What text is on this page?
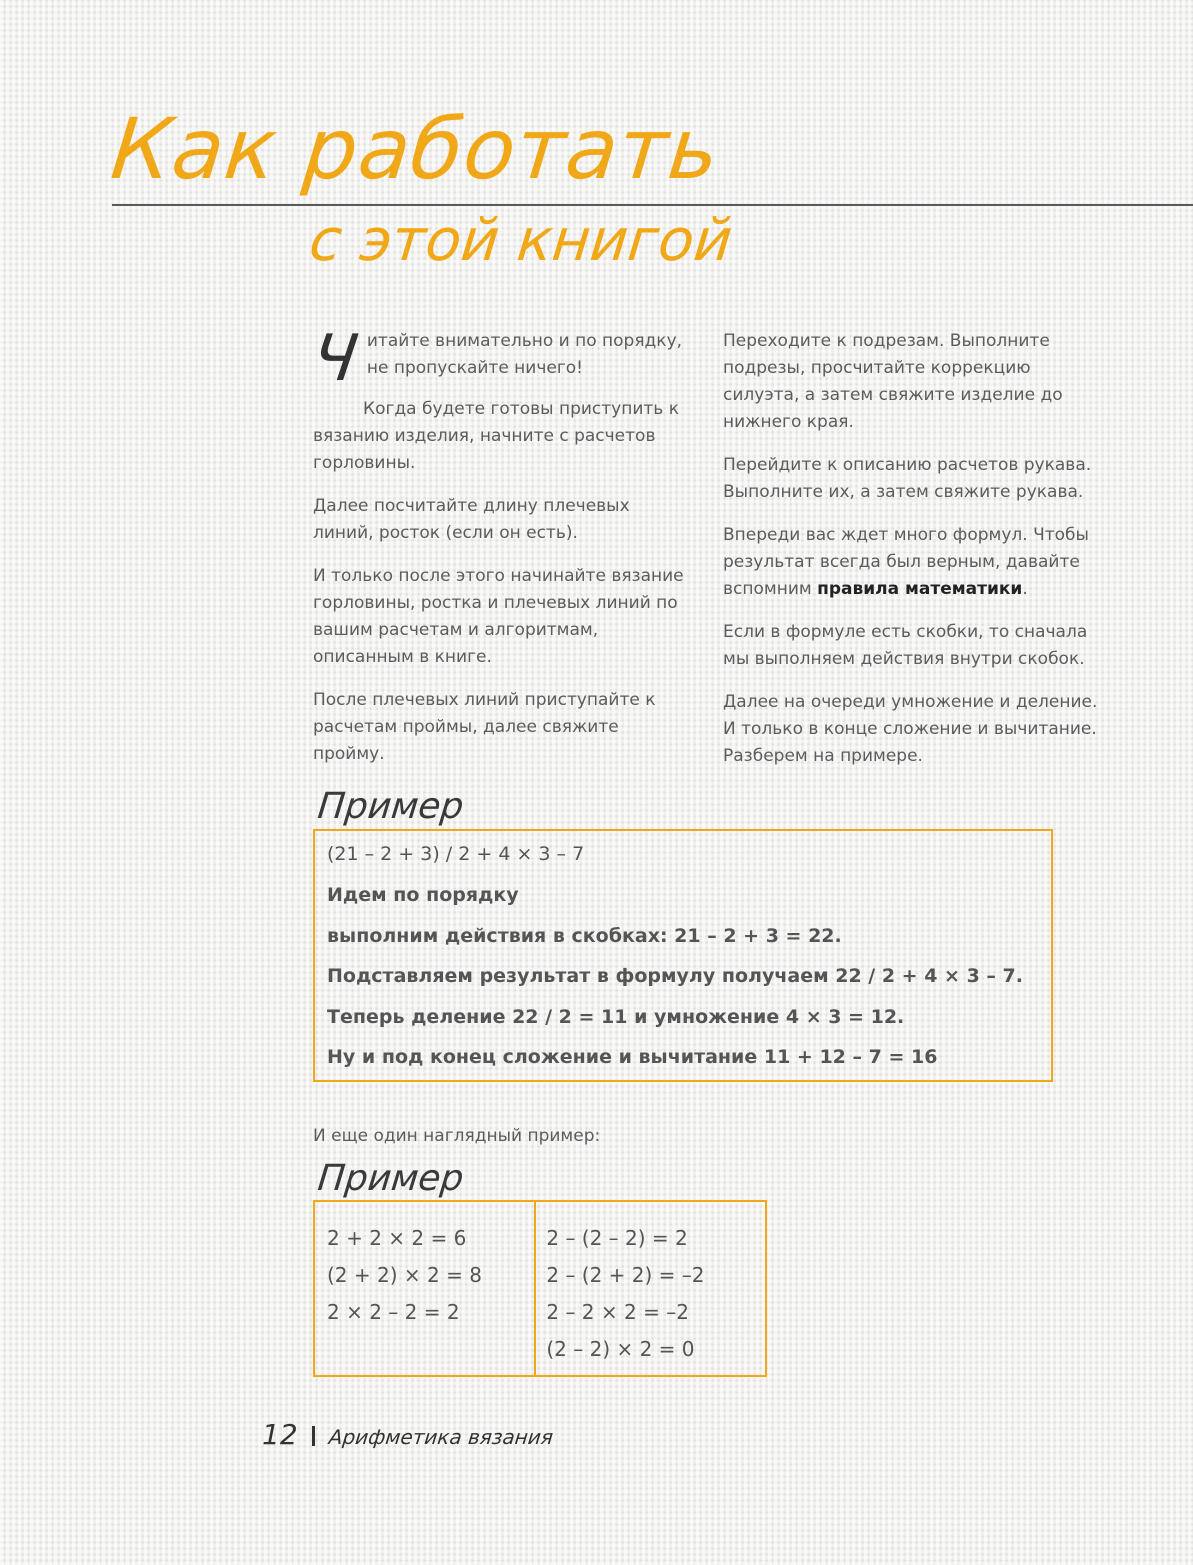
Как работать
с этой книгой

Ч итайте внимательно и по порядку, не пропускайте ничего!

Когда будете готовы приступить к вязанию изделия, начните с расчетов горловины.

Далее посчитайте длину плечевых линий, росток (если он есть).

И только после этого начинайте вязание горловины, ростка и плечевых линий по вашим расчетам и алгоритмам, описанным в книге.

После плечевых линий приступайте к расчетам проймы, далее свяжите пройму.

Переходите к подрезам. Выполните подрезы, просчитайте коррекцию силуэта, а затем свяжите изделие до нижнего края.

Перейдите к описанию расчетов рукава. Выполните их, а затем свяжите рукава.

Впереди вас ждет много формул. Чтобы результат всегда был верным, давайте вспомним правила математики.

Если в формуле есть скобки, то сначала мы выполняем действия внутри скобок.

Далее на очереди умножение и деление. И только в конце сложение и вычитание. Разберем на примере.

Пример
(21 – 2 + 3) / 2 + 4 × 3 – 7
Идем по порядку
выполним действия в скобках: 21 – 2 + 3 = 22.
Подставляем результат в формулу получаем 22 / 2 + 4 × 3 – 7.
Теперь деление 22 / 2 = 11 и умножение 4 × 3 = 12.
Ну и под конец сложение и вычитание 11 + 12 – 7 = 16
И еще один наглядный пример:
Пример
2 + 2 × 2 = 6
(2 + 2) × 2 = 8
2 × 2 – 2 = 2
2 – (2 – 2) = 2
2 – (2 + 2) = –2
2 – 2 × 2 = –2
(2 – 2) × 2 = 0
12 Арифметика вязания
